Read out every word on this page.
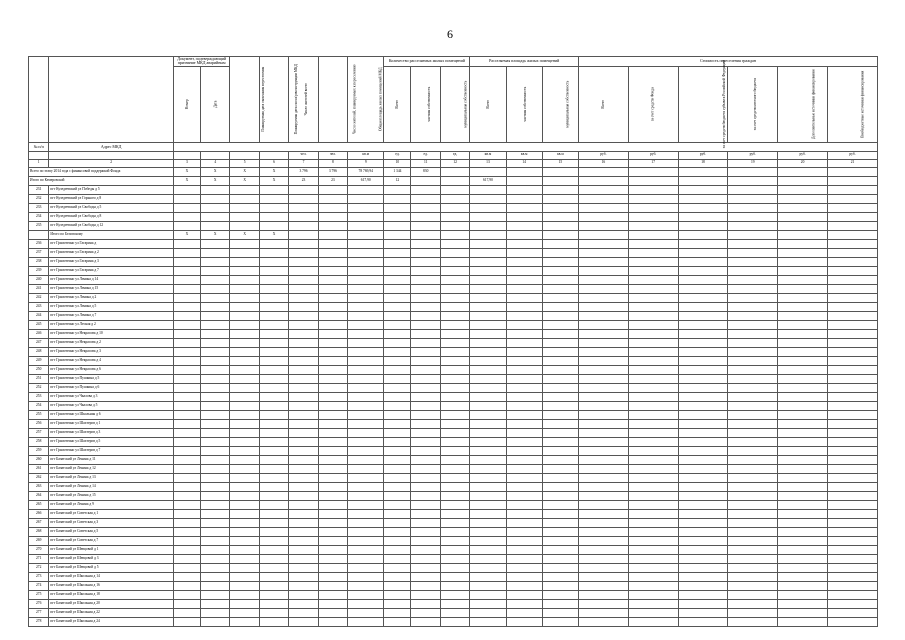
6
		Документ, подтверждающий признание МКД аварийным		Планируемая дата окончания переселения	Планируемая дата сноса/реконструкции МКД	Число жителей всего	Число жителей, планируемых к переселению	Общая площадь жилых помещений МКД	Количество расселяемых жилых помещений			Расселяемая площадь жилых помещений			Стоимость переселения граждан					
		Номер	Дата						Всего	частная собственность	муниципальная собственность	Всего	частная собственность	муниципальная собственность	Всего	за счет средств Фонда	за счет средств бюджета субъекта Российской Федерации	за счет средств местного бюджета	Дополнительные источники финансирования	Внебюджетные источники финансирования
№ п/п	Адрес МКД																			
						чел.	чел.	кв.м	ед.	ед.	ед.	кв.м	кв.м	кв.м	руб.	руб.	руб.	руб.	руб.	руб.
1	2	3	4	5	6	7	8	9	10	11	12	13	14	15	16	17	18	19	20	21
Всего по этапу 2014 года с финансовой поддержкой Фонда		X	X	X	X	3 796	3 796	78 769,94	1 344	830										
Итого по Кемеровской		X	X	X	X	23	23	617,90	12			617,90								
231	пгт Кузедеевский ул Победы д 5																			
232	пгт Кузедеевский ул Горького д 8																			
233	пгт Кузедеевский ул Свободы д 5																			
234	пгт Кузедеевский ул Свободы д 8																			
235	пгт Кузедеевский ул Свободы д 12																			
	Итого по Беловскому	X	X	X	X															
236	пгт Грамотеино ул Гагарина д																			
237	пгт Грамотеино ул Гагарина д 2																			
238	пгт Грамотеино ул Гагарина д 3																			
239	пгт Грамотеино ул Гагарина д 7																			
240	пгт Грамотеино ул Ленина д 14																			
241	пгт Грамотеино ул Ленина д 15																			
242	пгт Грамотеино ул Ленина д 2																			
243	пгт Грамотеино ул Ленина д 5																			
244	пгт Грамотеино ул Ленина д 7																			
245	пгт Грамотеино ул Лесная д 2																			
246	пгт Грамотеино ул Некрасова д 10																			
247	пгт Грамотеино ул Некрасова д 2																			
248	пгт Грамотеино ул Некрасова д 3																			
249	пгт Грамотеино ул Некрасова д 4																			
250	пгт Грамотеино ул Некрасова д 6																			
251	пгт Грамотеино ул Пушкина д 5																			
252	пгт Грамотеино ул Пушкина д 6																			
253	пгт Грамотеино ул Чкалова д 3																			
254	пгт Грамотеино ул Чкалова д 5																			
255	пгт Грамотеино ул Школьная д 6																			
256	пгт Грамотеино ул Шахтеров д 1																			
257	пгт Грамотеино ул Шахтеров д 3																			
258	пгт Грамотеино ул Шахтеров д 5																			
259	пгт Грамотеино ул Шахтеров д 7																			
260	пгт Бачатский ул Ленина д 11																			
261	пгт Бачатский ул Ленина д 12																			
262	пгт Бачатский ул Ленина д 13																			
263	пгт Бачатский ул Ленина д 14																			
264	пгт Бачатский ул Ленина д 15																			
265	пгт Бачатский ул Ленина д 9																			
266	пгт Бачатский ул Советская д 1																			
267	пгт Бачатский ул Советская д 3																			
268	пгт Бачатский ул Советская д 5																			
269	пгт Бачатский ул Советская д 7																			
270	пгт Бачатский ул Шевцовой д 1																			
271	пгт Бачатский ул Шевцовой д 3																			
272	пгт Бачатский ул Шевцовой д 5																			
273	пгт Бачатский ул Школьная д 14																			
274	пгт Бачатский ул Школьная д 16																			
275	пгт Бачатский ул Школьная д 18																			
276	пгт Бачатский ул Школьная д 20																			
277	пгт Бачатский ул Школьная д 22																			
278	пгт Бачатский ул Школьная д 24																			
